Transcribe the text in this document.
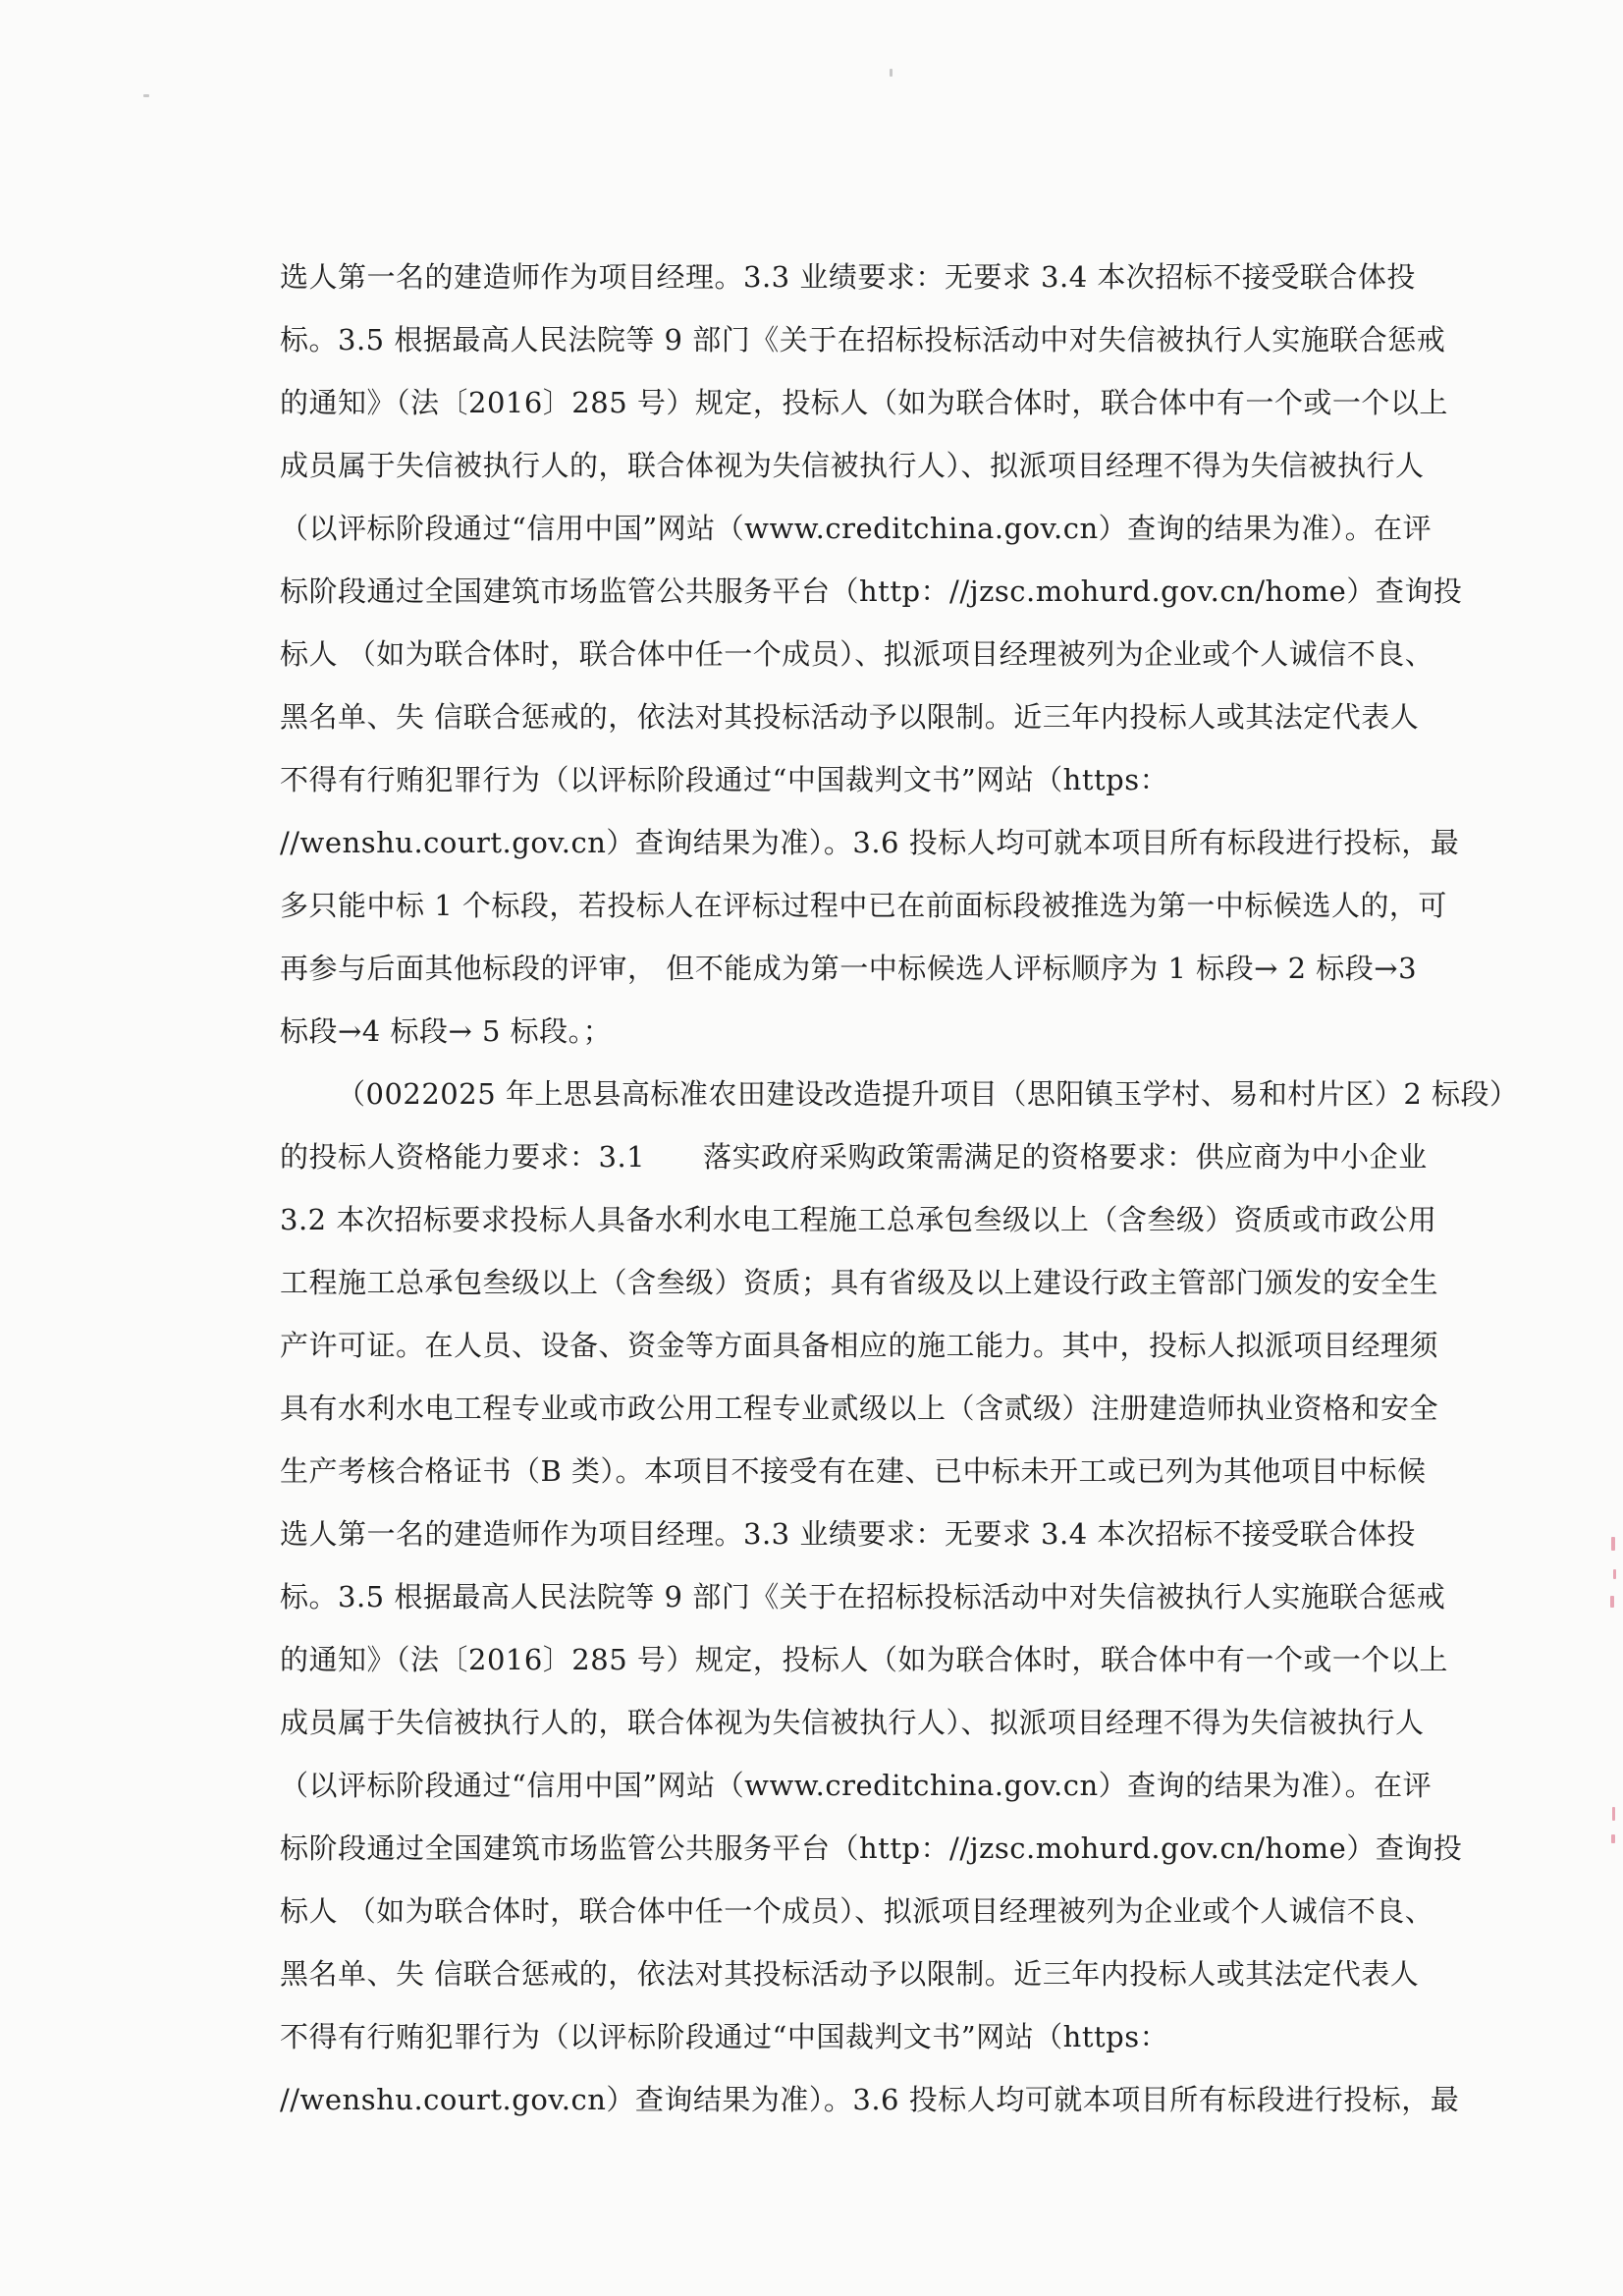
选人第一名的建造师作为项目经理。3.3 业绩要求：无要求 3.4 本次招标不接受联合体投
标。3.5 根据最高人民法院等 9 部门《关于在招标投标活动中对失信被执行人实施联合惩戒
的通知》（法〔2016〕285 号）规定，投标人（如为联合体时，联合体中有一个或一个以上
成员属于失信被执行人的，联合体视为失信被执行人）、拟派项目经理不得为失信被执行人
（以评标阶段通过“信用中国”网站（www.creditchina.gov.cn）查询的结果为准）。在评
标阶段通过全国建筑市场监管公共服务平台（http：//jzsc.mohurd.gov.cn/home）查询投
标人 （如为联合体时，联合体中任一个成员）、拟派项目经理被列为企业或个人诚信不良、
黑名单、失 信联合惩戒的，依法对其投标活动予以限制。近三年内投标人或其法定代表人
不得有行贿犯罪行为（以评标阶段通过“中国裁判文书”网站（https：
//wenshu.court.gov.cn）查询结果为准）。3.6 投标人均可就本项目所有标段进行投标，最
多只能中标 1 个标段，若投标人在评标过程中已在前面标段被推选为第一中标候选人的，可
再参与后面其他标段的评审， 但不能成为第一中标候选人评标顺序为 1 标段→ 2 标段→3
标段→4 标段→ 5 标段。；
（0022025 年上思县高标准农田建设改造提升项目（思阳镇玉学村、易和村片区）2 标段）
的投标人资格能力要求：3.1　　落实政府采购政策需满足的资格要求：供应商为中小企业
3.2 本次招标要求投标人具备水利水电工程施工总承包叁级以上（含叁级）资质或市政公用
工程施工总承包叁级以上（含叁级）资质；具有省级及以上建设行政主管部门颁发的安全生
产许可证。在人员、设备、资金等方面具备相应的施工能力。其中，投标人拟派项目经理须
具有水利水电工程专业或市政公用工程专业贰级以上（含贰级）注册建造师执业资格和安全
生产考核合格证书（B 类）。本项目不接受有在建、已中标未开工或已列为其他项目中标候
选人第一名的建造师作为项目经理。3.3 业绩要求：无要求 3.4 本次招标不接受联合体投
标。3.5 根据最高人民法院等 9 部门《关于在招标投标活动中对失信被执行人实施联合惩戒
的通知》（法〔2016〕285 号）规定，投标人（如为联合体时，联合体中有一个或一个以上
成员属于失信被执行人的，联合体视为失信被执行人）、拟派项目经理不得为失信被执行人
（以评标阶段通过“信用中国”网站（www.creditchina.gov.cn）查询的结果为准）。在评
标阶段通过全国建筑市场监管公共服务平台（http：//jzsc.mohurd.gov.cn/home）查询投
标人 （如为联合体时，联合体中任一个成员）、拟派项目经理被列为企业或个人诚信不良、
黑名单、失 信联合惩戒的，依法对其投标活动予以限制。近三年内投标人或其法定代表人
不得有行贿犯罪行为（以评标阶段通过“中国裁判文书”网站（https：
//wenshu.court.gov.cn）查询结果为准）。3.6 投标人均可就本项目所有标段进行投标，最
